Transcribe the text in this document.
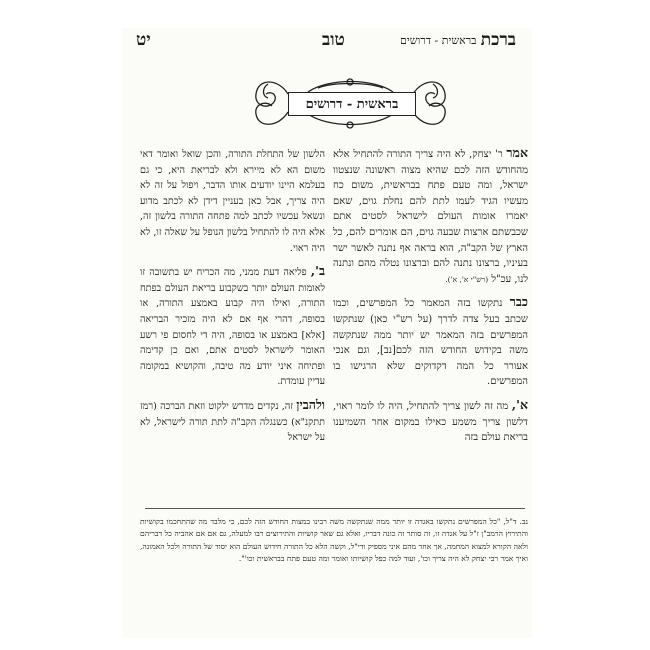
יט	טוב	בראשית - דרושים ברכת
בראשית - דרושים

אמר ר' יצחק, לא היה צריך התורה להתחיל אלא מהחודש הזה לכם שהיא מצוה ראשונה שנצטוו ישראל, ומה טעם פתח בבראשית, משום כח מעשיו הגיד לעמו לתת להם נחלת גוים, שאם יאמרו אומות העולם לישראל לסטים אתם שכבשתם ארצות שבעה גוים, הם אומרים להם, כל הארץ של הקב"ה, הוא בראה אף נתנה לאשר ישר בעיניו, ברצונו נתנה להם וברצונו נטלה מהם ונתנה לנו, עכ"ל (רש"י א', א').

כבר נתקשו בזה המאמר כל המפרשים, וכמו שכתב בעל צדה לדרך (על רש"י כאן) שנתקשו המפרשים בזה המאמר יש יותר ממה שנתקשה משה בקידוש החודש הזה לכם[נב], וגם אנכי אעורר כל המה דקדוקים שלא הרגישו בו המפרשים.

א', מה זה לשון צריך להתחיל, היה לו לומר ראוי, דלשון צריך משמע כאילו במקום אחר השמיענו בריאת עולם בזה

הלשון של התחלת התורה, והכן שואל ואומר דאי משום הא לא מיירא ולא לבריאת היא, כי גם בעלמא היינו יודעים אותו הדבר, ויפול על זה לא היה צריך, אבל כאן בעניין דידן לא לכתב מדוע ונשאל עכשיו לכתב למה פתחה התורה בלשון זה, אלא היה לו להתחיל בלשון הנופל על שאלה זו, לא היה ראוי.

ב', פליאה דעת ממני, מה הכריח יש בתשובה זו לאומות העולם יותר בשקבוע בריאת העולם בפתח התורה, ואילו היה קבוע באמצע התורה, או בסופה, דהרי אף אם לא היה מזכיר הבריאה [אלא] באמצע או בסופה, היה די לחסום פי רשע האומר לישראל לסטים אתם, ואם כן קדימה ופתיחה איני יודע מה טיבה, והקושיא במקומה עדיין עומדת.

ולהבין זה, נקדים מדרש ילקוט וזאת הברכה (רמז תתקנ"א) כשנגלה הקב"ה לתת תורה לישראל, לא על ישראל

נב. ד"ל, "כל המפרשים נתקשו באגדה זו יותר ממה שנתקשה משה רבינו במצות החודש הזה לכם, כי מלבד מה שהתחכמו בקושיות והתירוץ הרמב"ן ז"ל על אגדה זו, זה סותר זה כונה דבריו, ואלא גם שאר קושיות והתירוצים רבו למעלה, גם אם אם אהביה כל דבריהם ולאה הקורא למצוא המחמה, אך אחד מהם איני מספיק ודי"ל, וקשה הלא כל התורה חידוש העולם הוא יסוד של התורה ולכל האמונה, ואיך אמר רבי יצחק לא היה צריך וכו', ועוד למה כפל קושיותו ואומר ומה טעם פתח בבראשית וכו'".
